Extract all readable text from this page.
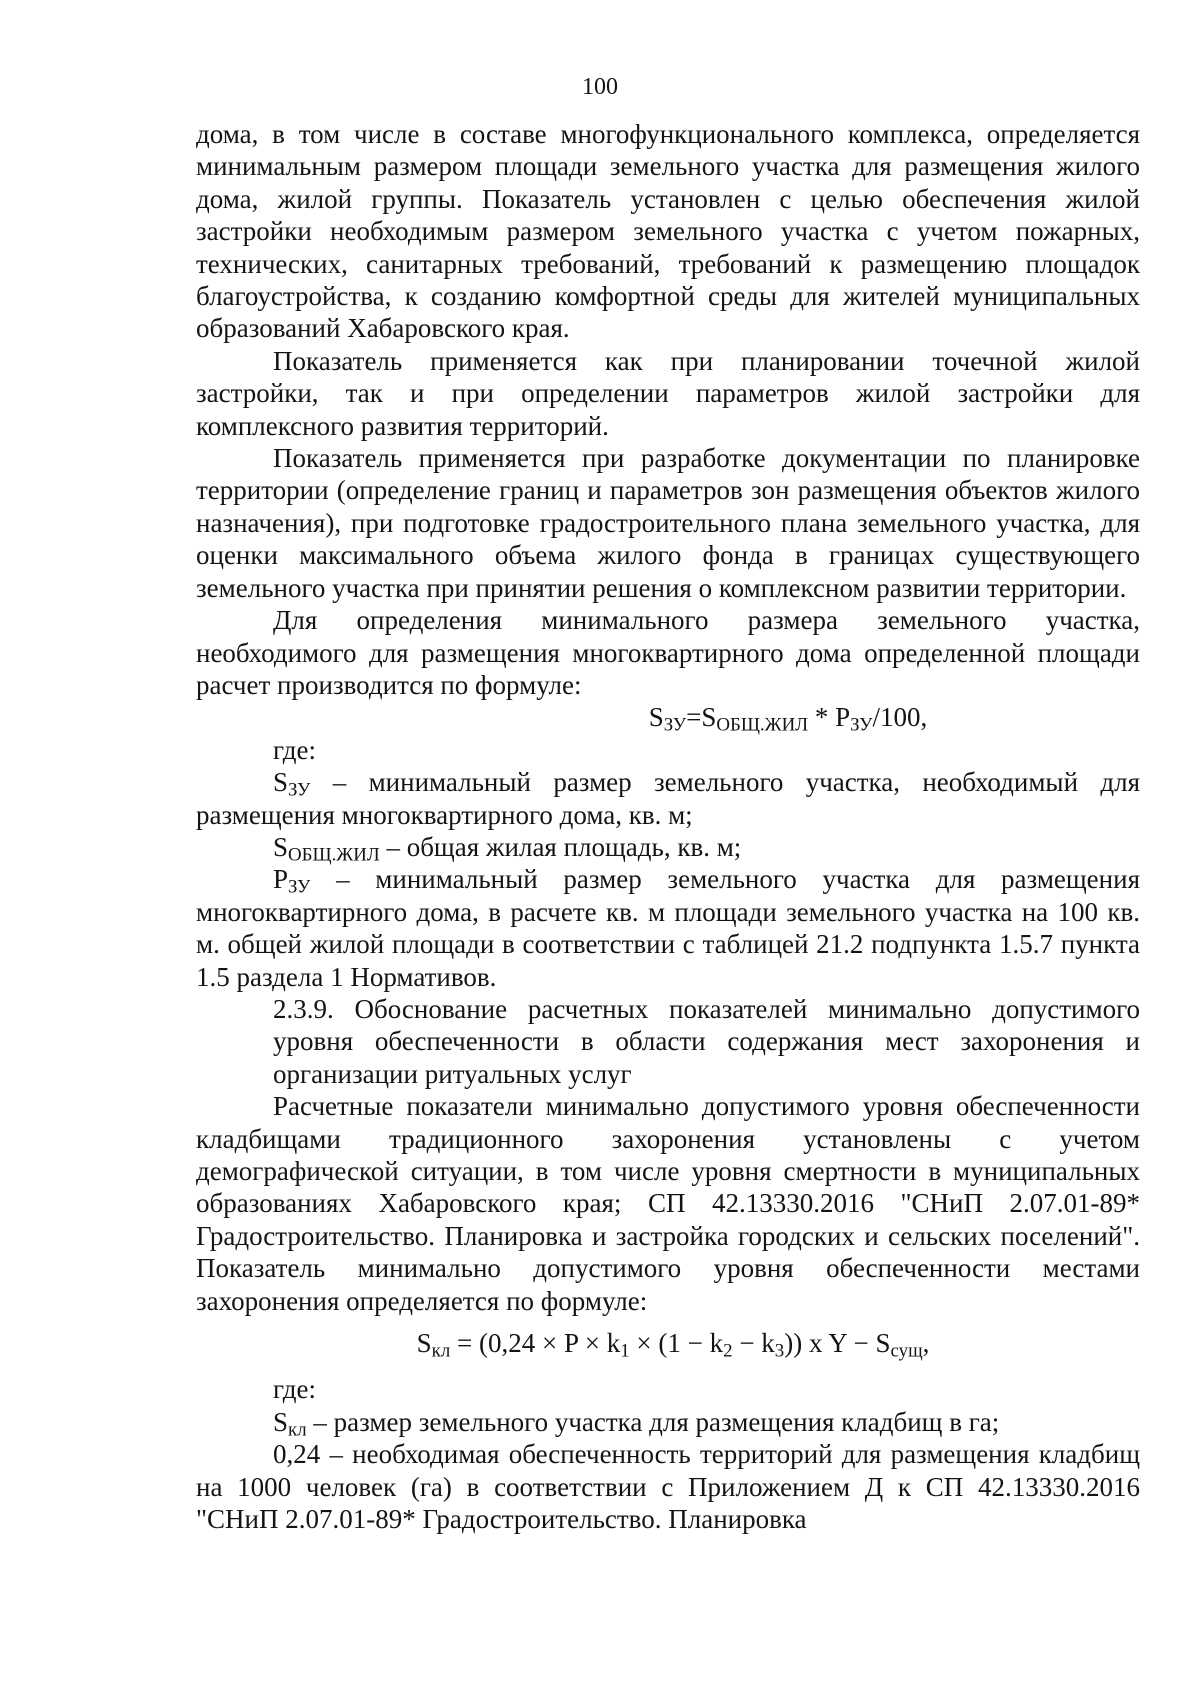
100

дома, в том числе в составе многофункционального комплекса, определяется минимальным размером площади земельного участка для размещения жилого дома, жилой группы. Показатель установлен с целью обеспечения жилой застройки необходимым размером земельного участка с учетом пожарных, технических, санитарных требований, требований к размещению площадок благоустройства, к созданию комфортной среды для жителей муниципальных образований Хабаровского края.

Показатель применяется как при планировании точечной жилой застройки, так и при определении параметров жилой застройки для комплексного развития территорий.

Показатель применяется при разработке документации по планировке территории (определение границ и параметров зон размещения объектов жилого назначения), при подготовке градостроительного плана земельного участка, для оценки максимального объема жилого фонда в границах существующего земельного участка при принятии решения о комплексном развитии территории.

Для определения минимального размера земельного участка, необходимого для размещения многоквартирного дома определенной площади расчет производится по формуле:

$S_{ЗУ}=S_{ОБЩ.ЖИЛ} * P_{ЗУ}/100$,

где:

$S_{ЗУ}$ – минимальный размер земельного участка, необходимый для размещения многоквартирного дома, кв. м;

$S_{ОБЩ.ЖИЛ}$ – общая жилая площадь, кв. м;

$P_{ЗУ}$ – минимальный размер земельного участка для размещения многоквартирного дома, в расчете кв. м площади земельного участка на 100 кв. м. общей жилой площади в соответствии с таблицей 21.2 подпункта 1.5.7 пункта 1.5 раздела 1 Нормативов.

2.3.9. Обоснование расчетных показателей минимально допустимого уровня обеспеченности в области содержания мест захоронения и организации ритуальных услуг

Расчетные показатели минимально допустимого уровня обеспеченности кладбищами традиционного захоронения установлены с учетом демографической ситуации, в том числе уровня смертности в муниципальных образованиях Хабаровского края; СП 42.13330.2016 "СНиП 2.07.01-89* Градостроительство. Планировка и застройка городских и сельских поселений". Показатель минимально допустимого уровня обеспеченности местами захоронения определяется по формуле:

$S_{кл} = (0,24 \times P \times k_1 \times (1 - k_2 - k_3))$ x $Y - S_{сущ}$,

где:

$S_{кл}$ – размер земельного участка для размещения кладбищ в га;

0,24 – необходимая обеспеченность территорий для размещения кладбищ на 1000 человек (га) в соответствии с Приложением Д к СП 42.13330.2016 "СНиП 2.07.01-89* Градостроительство. Планировка
